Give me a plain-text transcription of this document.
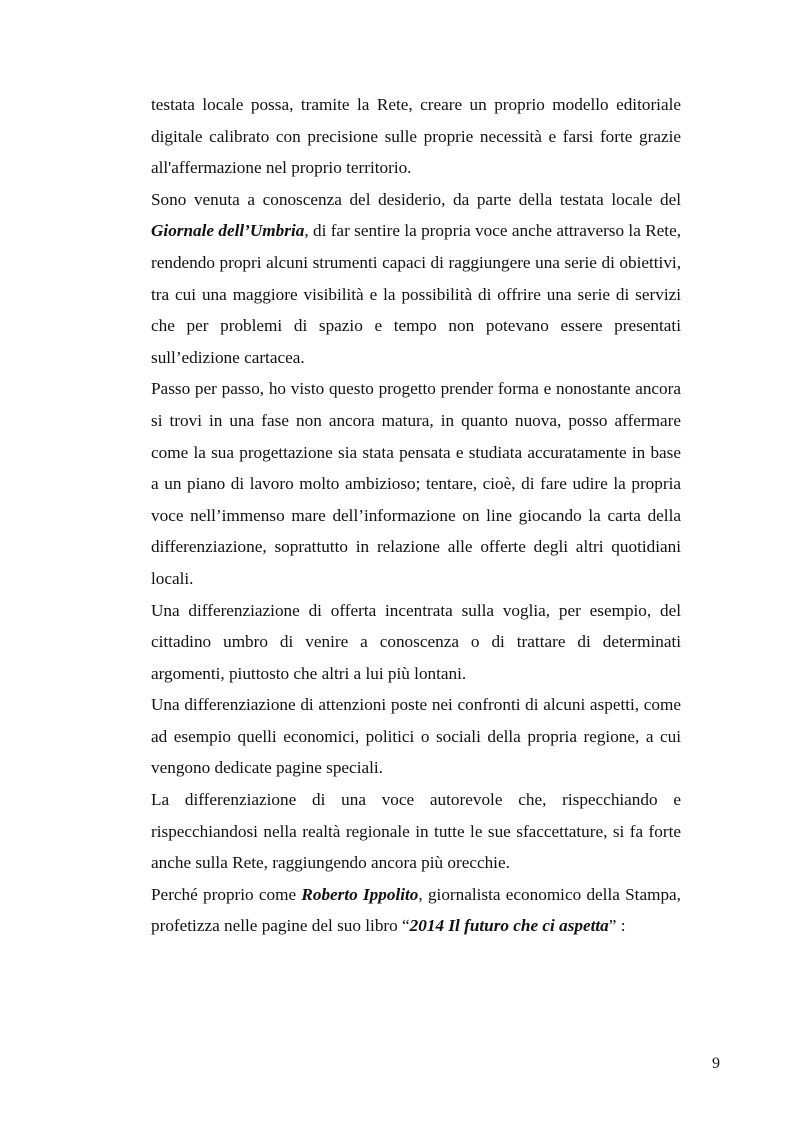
testata locale possa, tramite la Rete, creare un proprio modello editoriale digitale calibrato con precisione sulle proprie necessità e farsi forte grazie all'affermazione nel proprio territorio.

Sono venuta a conoscenza del desiderio, da parte della testata locale del Giornale dell’Umbria, di far sentire la propria voce anche attraverso la Rete, rendendo propri alcuni strumenti capaci di raggiungere una serie di obiettivi, tra cui una maggiore visibilità e la possibilità di offrire una serie di servizi che per problemi di spazio e tempo non potevano essere presentati sull’edizione cartacea.

Passo per passo, ho visto questo progetto prender forma e nonostante ancora si trovi in una fase non ancora matura, in quanto nuova, posso affermare come la sua progettazione sia stata pensata e studiata accuratamente in base a un piano di lavoro molto ambizioso; tentare, cioè, di fare udire la propria voce nell’immenso mare dell’informazione on line giocando la carta della differenziazione, soprattutto in relazione alle offerte degli altri quotidiani locali.

Una differenziazione di offerta incentrata sulla voglia, per esempio, del cittadino umbro di venire a conoscenza o di trattare di determinati argomenti, piuttosto che altri a lui più lontani.

Una differenziazione di attenzioni poste nei confronti di alcuni aspetti, come ad esempio quelli economici, politici o sociali della propria regione, a cui vengono dedicate pagine speciali.

La differenziazione di una voce autorevole che, rispecchiando e rispecchiandosi nella realtà regionale in tutte le sue sfaccettature, si fa forte anche sulla Rete, raggiungendo ancora più orecchie.

Perché proprio come Roberto Ippolito, giornalista economico della Stampa, profetizza nelle pagine del suo libro “2014 Il futuro che ci aspetta” :

9
